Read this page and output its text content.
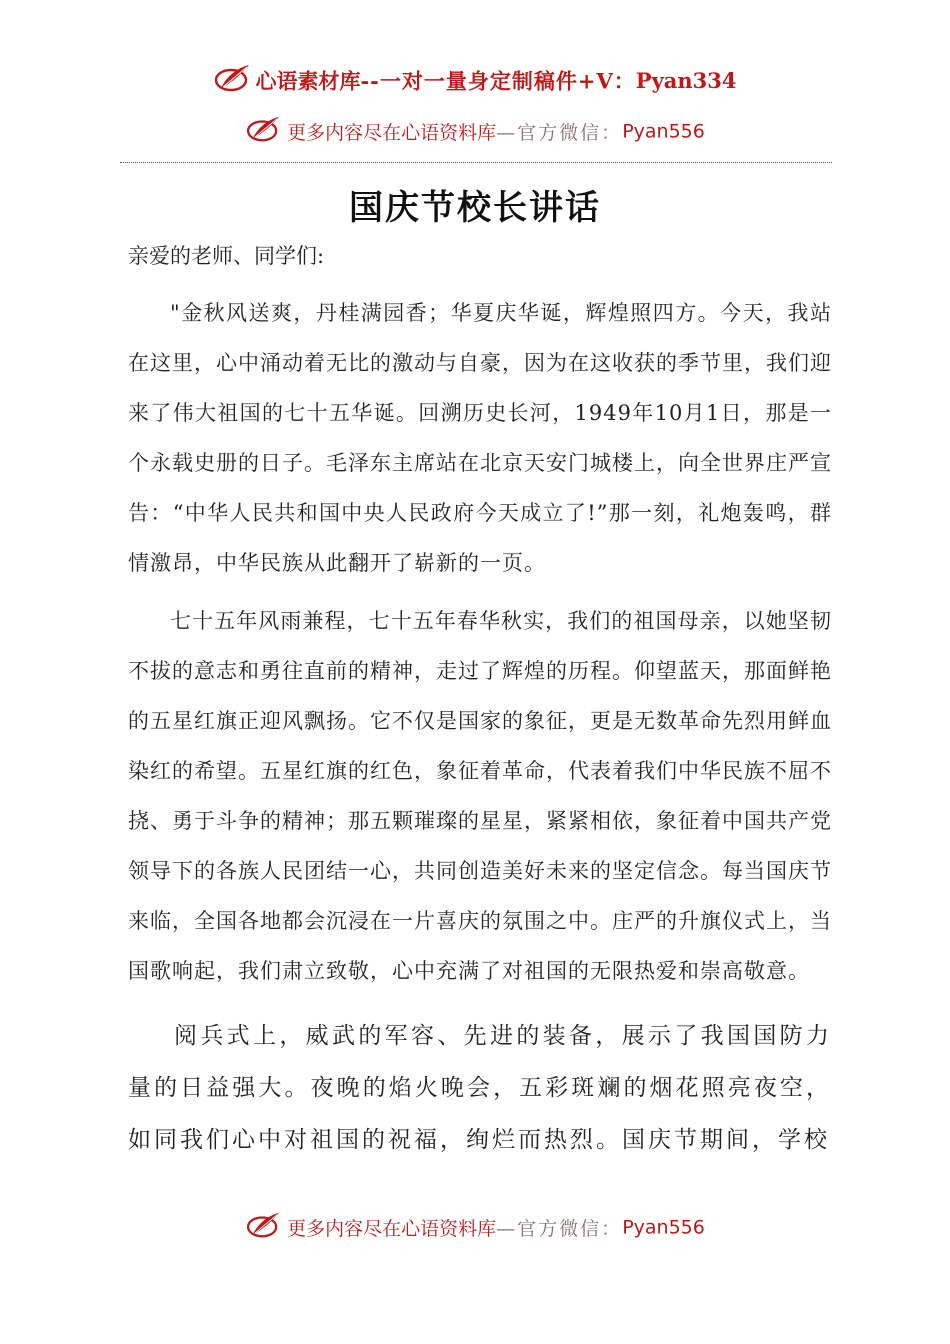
心语素材库--一对一量身定制稿件+V：Pyan334
更多内容尽在心语资料库—官方微信：Pyan556
国庆节校长讲话

亲爱的老师、同学们:

"金秋风送爽，丹桂满园香；华夏庆华诞，辉煌照四方。今天，我站在这里，心中涌动着无比的激动与自豪，因为在这收获的季节里，我们迎来了伟大祖国的七十五华诞。回溯历史长河，1949年10月1日，那是一个永载史册的日子。毛泽东主席站在北京天安门城楼上，向全世界庄严宣告：“中华人民共和国中央人民政府今天成立了!”那一刻，礼炮轰鸣，群情激昂，中华民族从此翻开了崭新的一页。

七十五年风雨兼程，七十五年春华秋实，我们的祖国母亲，以她坚韧不拔的意志和勇往直前的精神，走过了辉煌的历程。仰望蓝天，那面鲜艳的五星红旗正迎风飘扬。它不仅是国家的象征，更是无数革命先烈用鲜血染红的希望。五星红旗的红色，象征着革命，代表着我们中华民族不屈不挠、勇于斗争的精神；那五颗璀璨的星星，紧紧相依，象征着中国共产党领导下的各族人民团结一心，共同创造美好未来的坚定信念。每当国庆节来临，全国各地都会沉浸在一片喜庆的氛围之中。庄严的升旗仪式上，当国歌响起，我们肃立致敬，心中充满了对祖国的无限热爱和崇高敬意。

阅兵式上，威武的军容、先进的装备，展示了我国国防力量的日益强大。夜晚的焰火晚会，五彩斑斓的烟花照亮夜空，如同我们心中对祖国的祝福，绚烂而热烈。国庆节期间，学校

更多内容尽在心语资料库—官方微信：Pyan556
